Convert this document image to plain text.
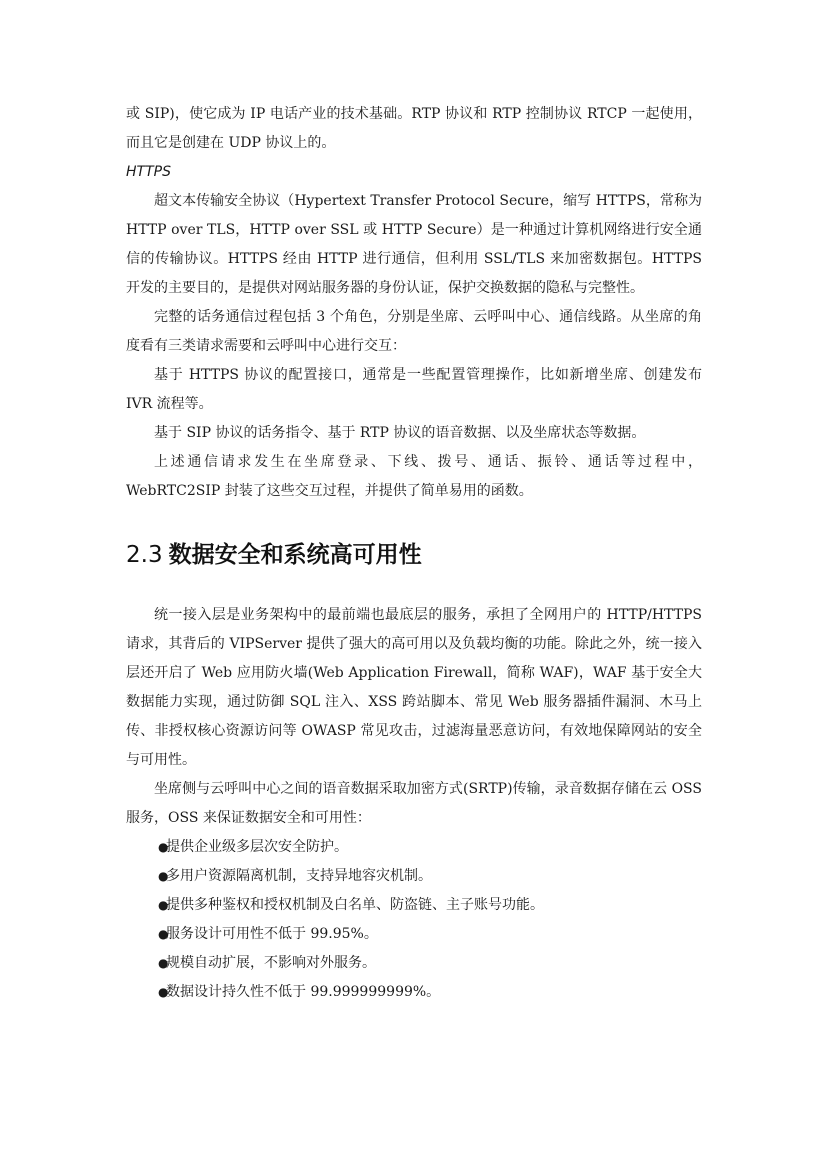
或 SIP)，使它成为 IP 电话产业的技术基础。RTP 协议和 RTP 控制协议 RTCP 一起使用，而且它是创建在 UDP 协议上的。

HTTPS

超文本传输安全协议（Hypertext Transfer Protocol Secure，缩写 HTTPS，常称为 HTTP over TLS，HTTP over SSL 或 HTTP Secure）是一种通过计算机网络进行安全通信的传输协议。HTTPS 经由 HTTP 进行通信，但利用 SSL/TLS 来加密数据包。HTTPS 开发的主要目的，是提供对网站服务器的身份认证，保护交换数据的隐私与完整性。

完整的话务通信过程包括 3 个角色，分别是坐席、云呼叫中心、通信线路。从坐席的角度看有三类请求需要和云呼叫中心进行交互：

基于 HTTPS 协议的配置接口，通常是一些配置管理操作，比如新增坐席、创建发布 IVR 流程等。

基于 SIP 协议的话务指令、基于 RTP 协议的语音数据、以及坐席状态等数据。

上述通信请求发生在坐席登录、下线、拨号、通话、振铃、通话等过程中，WebRTC2SIP 封装了这些交互过程，并提供了简单易用的函数。

2.3 数据安全和系统高可用性

统一接入层是业务架构中的最前端也最底层的服务，承担了全网用户的 HTTP/HTTPS 请求，其背后的 VIPServer 提供了强大的高可用以及负载均衡的功能。除此之外，统一接入层还开启了 Web 应用防火墙(Web Application Firewall，简称 WAF)，WAF 基于安全大数据能力实现，通过防御 SQL 注入、XSS 跨站脚本、常见 Web 服务器插件漏洞、木马上传、非授权核心资源访问等 OWASP 常见攻击，过滤海量恶意访问，有效地保障网站的安全与可用性。

坐席侧与云呼叫中心之间的语音数据采取加密方式(SRTP)传输，录音数据存储在云 OSS 服务，OSS 来保证数据安全和可用性：

●
提供企业级多层次安全防护。
●
多用户资源隔离机制，支持异地容灾机制。
●
提供多种鉴权和授权机制及白名单、防盗链、主子账号功能。
●
服务设计可用性不低于 99.95%。
●
规模自动扩展，不影响对外服务。
●
数据设计持久性不低于 99.999999999%。
